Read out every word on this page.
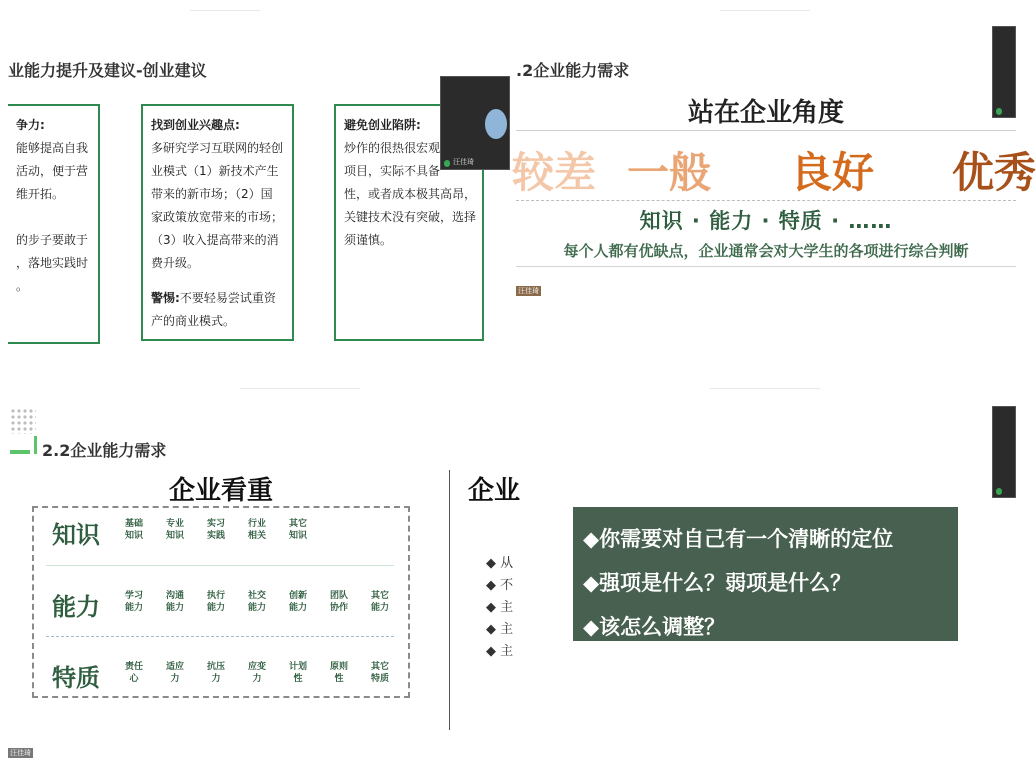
业能力提升及建议-创业建议

争力:

能够提高自我

活动，便于营

维开拓。

的步子要敢于

，落地实践时

。

找到创业兴趣点:

多研究学习互联网的轻创

业模式（1）新技术产生

带来的新市场；（2）国

家政策放宽带来的市场；

（3）收入提高带来的消

费升级。

警惕:不要轻易尝试重资

产的商业模式。

避免创业陷阱:

炒作的很热很宏观

项目，实际不具备

性，或者成本极其高昂，

关键技术没有突破，选择

须谨慎。

汪佳琦
.2企业能力需求
站在企业角度
较差 一般 良好 优秀
知识 · 能力 · 特质 · ……
每个人都有优缺点，企业通常会对大学生的各项进行综合判断
汪佳琦
2.2企业能力需求
企业看重
知识
能力
特质
基础
知识
专业
知识
实习
实践
行业
相关
其它
知识
学习
能力
沟通
能力
执行
能力
社交
能力
创新
能力
团队
协作
其它
能力
责任
心
适应
力
抗压
力
应变
力
计划
性
原则
性
其它
特质
企业
◆ 从
◆ 不
◆ 主
◆ 主
◆ 主
汪佳琦
◆你需要对自己有一个清晰的定位
◆强项是什么？弱项是什么？
◆该怎么调整？
